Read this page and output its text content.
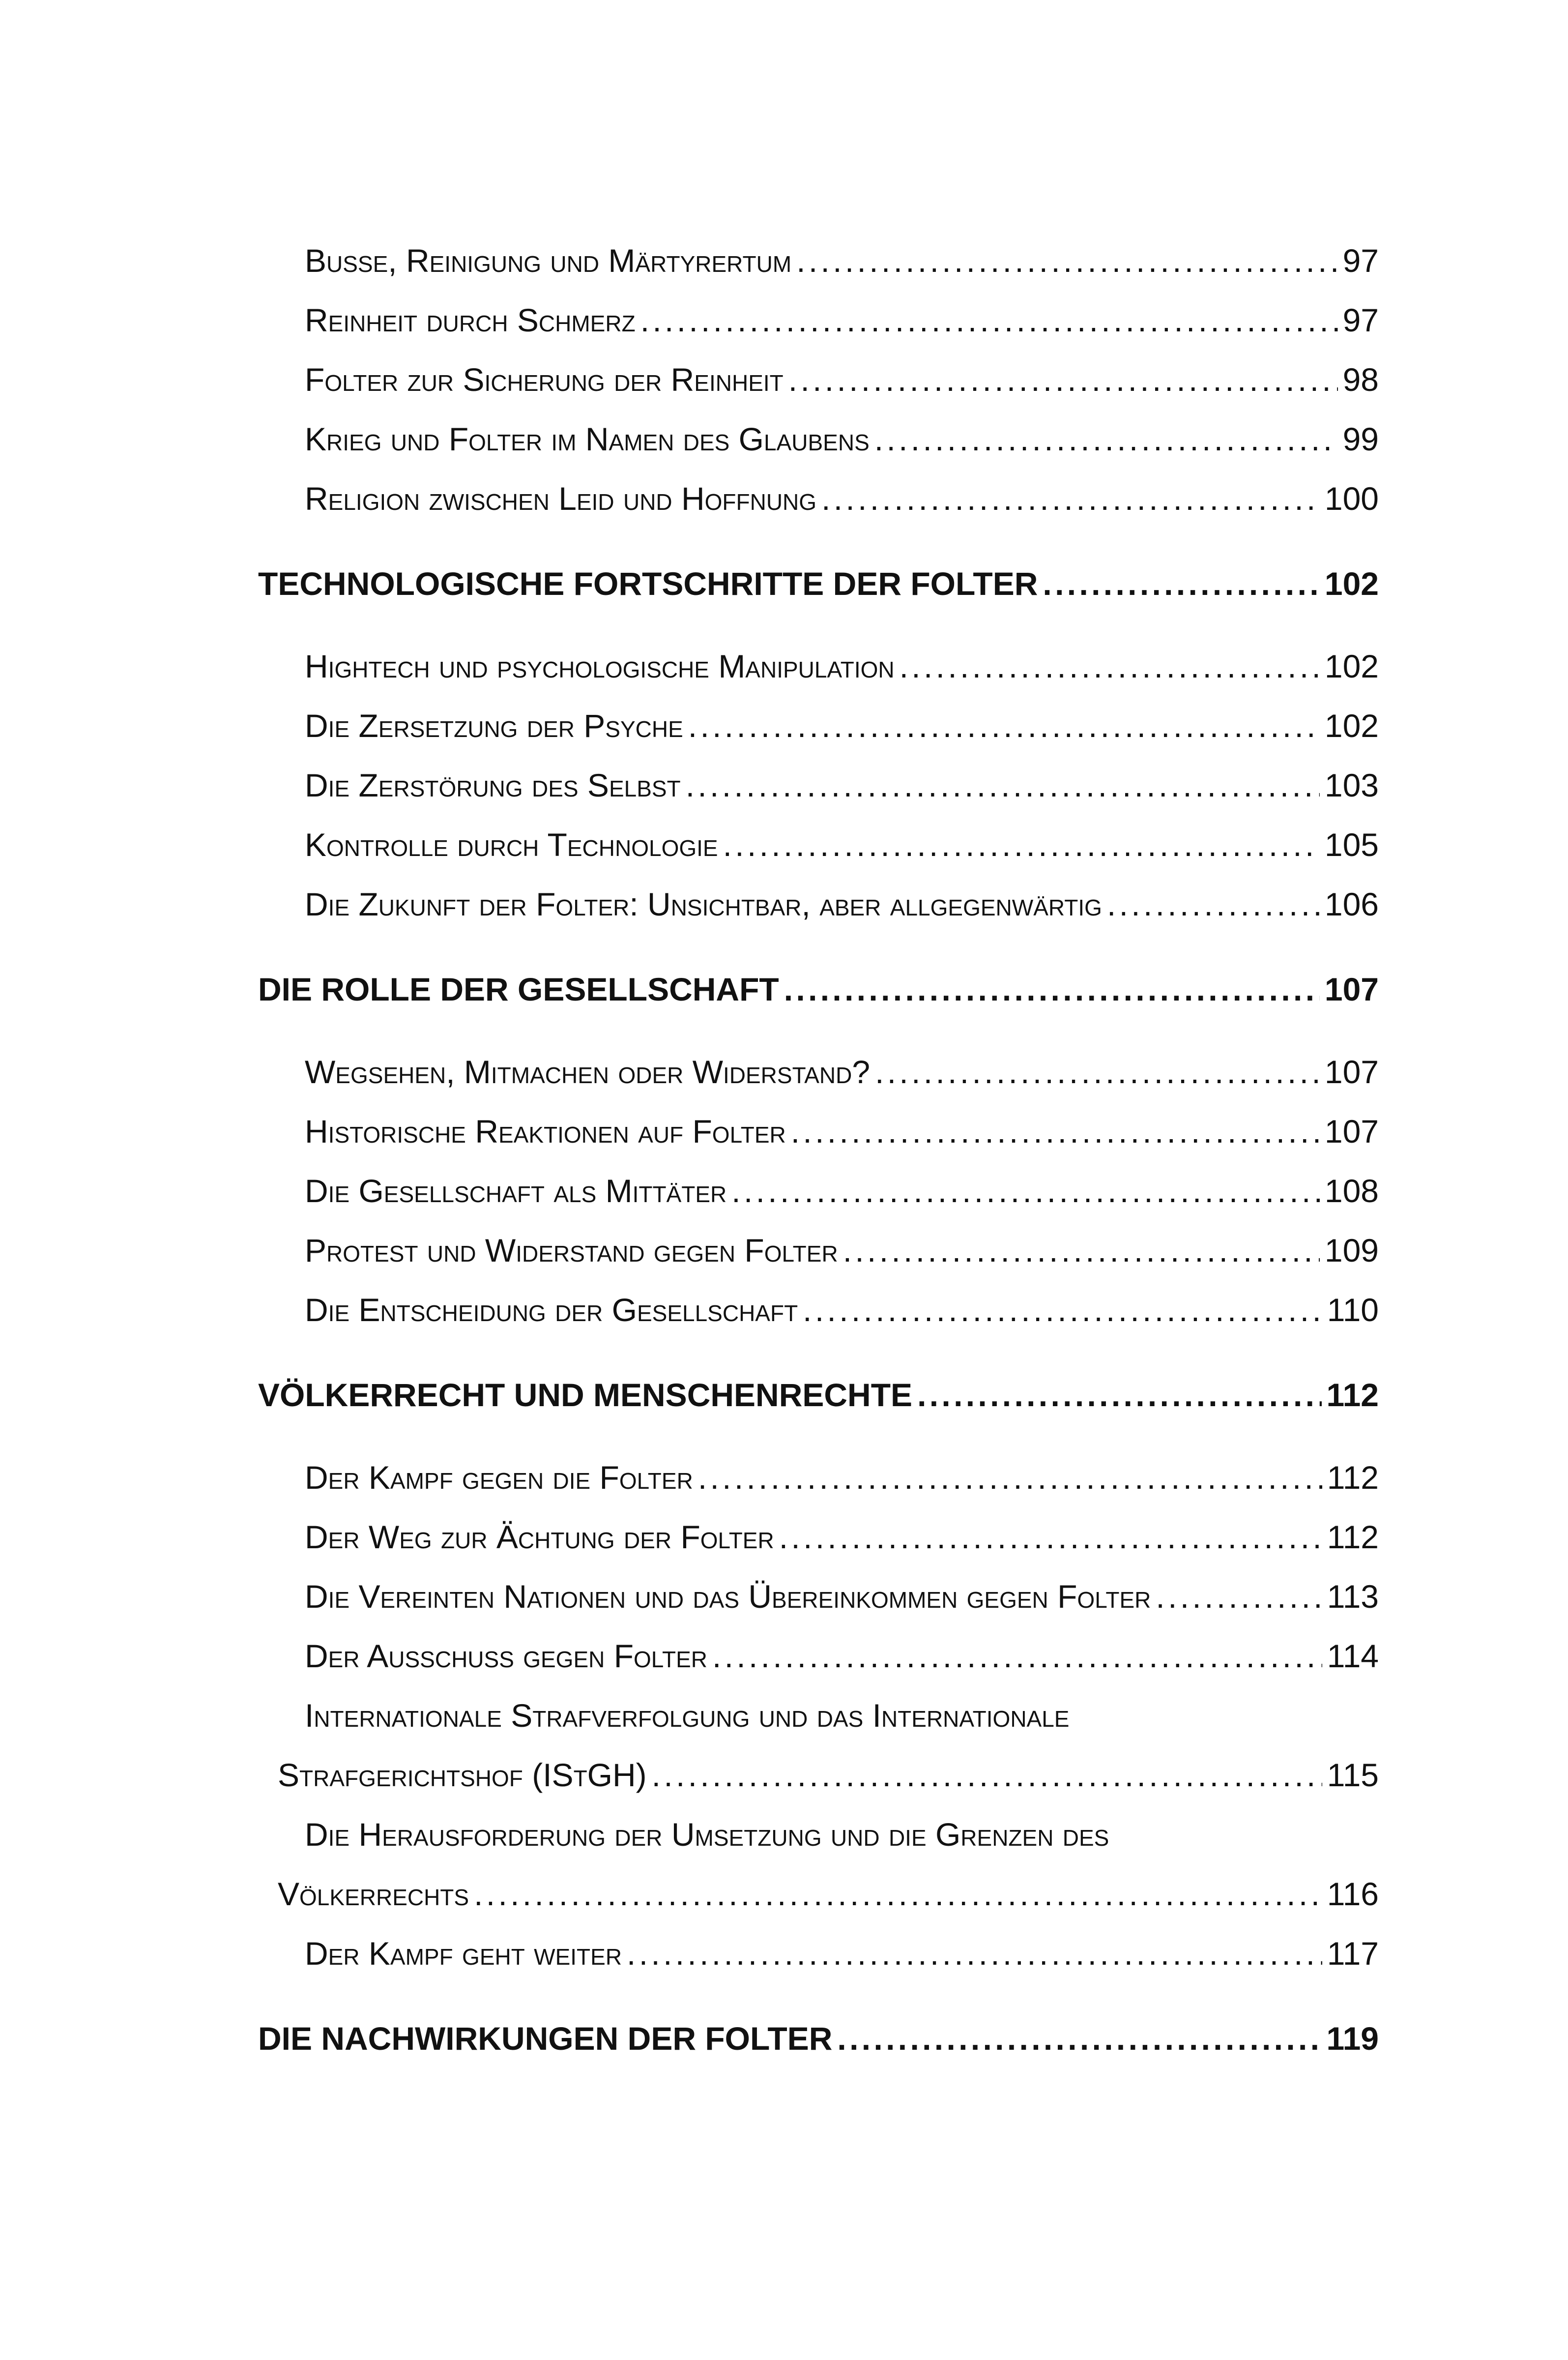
Buße, Reinigung und Märtyrertum . . .	97
Reinheit durch Schmerz . . .	97
Folter zur Sicherung der Reinheit . . .	98
Krieg und Folter im Namen des Glaubens . . .	99
Religion zwischen Leid und Hoffnung . . .	100
TECHNOLOGISCHE FORTSCHRITTE DER FOLTER . . .	102
Hightech und psychologische Manipulation . . .	102
Die Zersetzung der Psyche . . .	102
Die Zerstörung des Selbst . . .	103
Kontrolle durch Technologie . . .	105
Die Zukunft der Folter: Unsichtbar, aber allgegenwärtig . . .	106
DIE ROLLE DER GESELLSCHAFT . . .	107
Wegsehen, Mitmachen oder Widerstand? . . .	107
Historische Reaktionen auf Folter . . .	107
Die Gesellschaft als Mittäter . . .	108
Protest und Widerstand gegen Folter . . .	109
Die Entscheidung der Gesellschaft . . .	110
VÖLKERRECHT UND MENSCHENRECHTE . . .	112
Der Kampf gegen die Folter . . .	112
Der Weg zur Ächtung der Folter . . .	112
Die Vereinten Nationen und das Übereinkommen gegen Folter . . .	113
Der Ausschuss gegen Folter . . .	114
Internationale Strafverfolgung und das Internationale
Strafgerichtshof (IStGH) . . .	115
Die Herausforderung der Umsetzung und die Grenzen des
Völkerrechts . . .	116
Der Kampf geht weiter . . .	117
DIE NACHWIRKUNGEN DER FOLTER . . .	119
